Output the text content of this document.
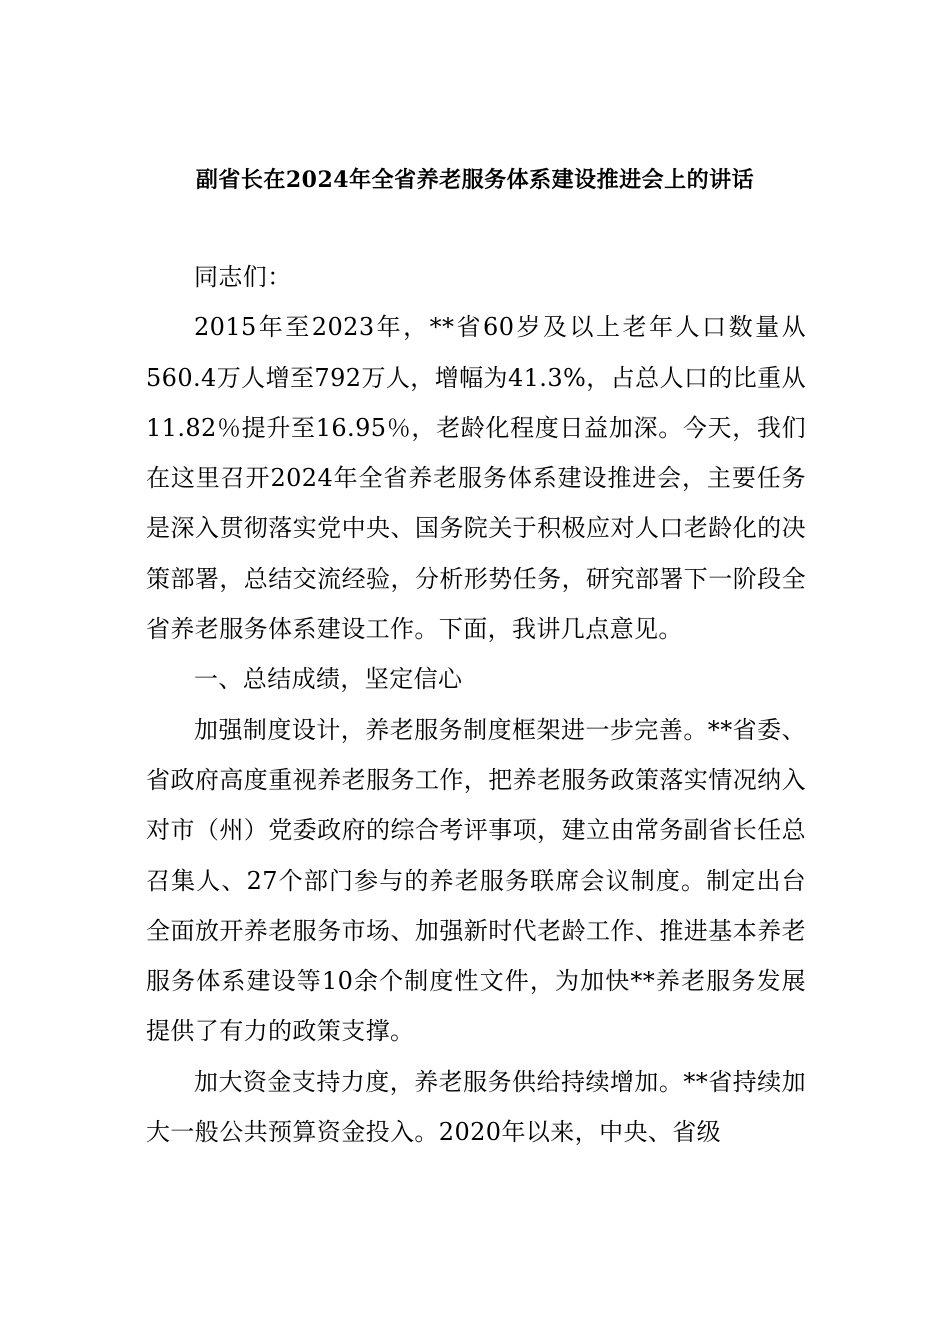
副省长在2024年全省养老服务体系建设推进会上的讲话

同志们：

2015年至2023年，**省60岁及以上老年人口数量从560.4万人增至792万人，增幅为41.3%，占总人口的比重从11.82％提升至16.95％，老龄化程度日益加深。今天，我们在这里召开2024年全省养老服务体系建设推进会，主要任务是深入贯彻落实党中央、国务院关于积极应对人口老龄化的决策部署，总结交流经验，分析形势任务，研究部署下一阶段全省养老服务体系建设工作。下面，我讲几点意见。

一、总结成绩，坚定信心

加强制度设计，养老服务制度框架进一步完善。**省委、省政府高度重视养老服务工作，把养老服务政策落实情况纳入对市（州）党委政府的综合考评事项，建立由常务副省长任总召集人、27个部门参与的养老服务联席会议制度。制定出台全面放开养老服务市场、加强新时代老龄工作、推进基本养老服务体系建设等10余个制度性文件，为加快**养老服务发展提供了有力的政策支撑。

加大资金支持力度，养老服务供给持续增加。**省持续加大一般公共预算资金投入。2020年以来，中央、省级
